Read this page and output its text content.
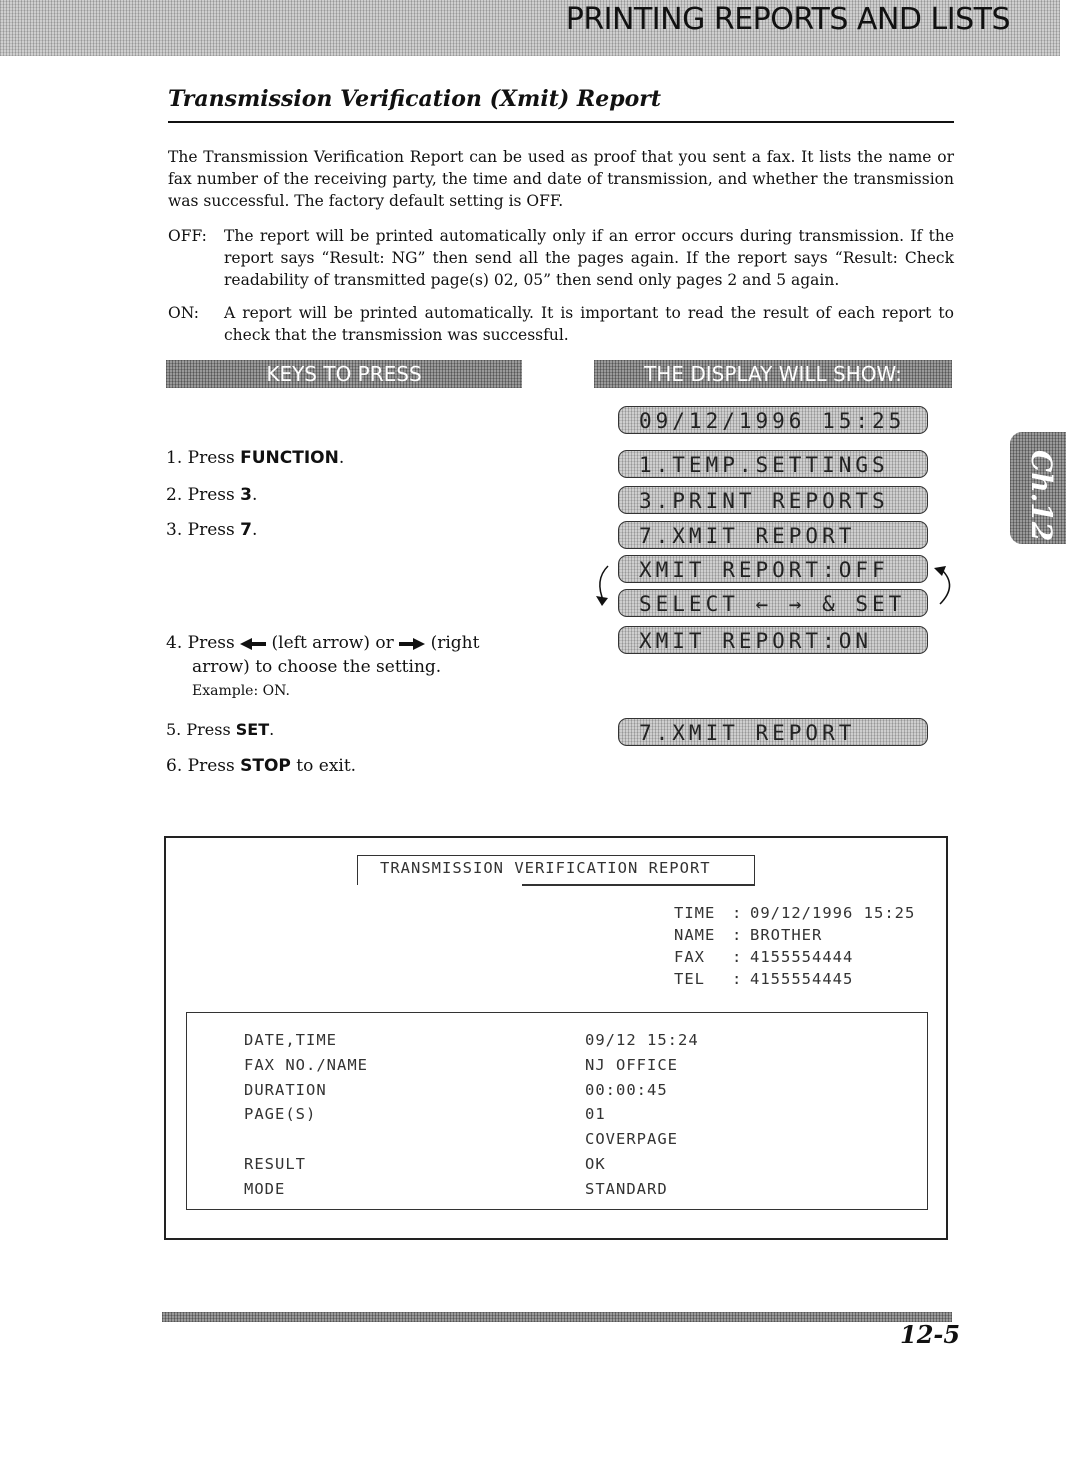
PRINTING REPORTS AND LISTS
Transmission Verification (Xmit) Report
The Transmission Verification Report can be used as proof that you sent a fax. It lists the name or fax number of the receiving party, the time and date of transmission, and whether the transmission was successful. The factory default setting is OFF.
OFF: The report will be printed automatically only if an error occurs during transmission. If the report says “Result: NG” then send all the pages again. If the report says “Result: Check readability of transmitted page(s) 02, 05” then send only pages 2 and 5 again.
ON: A report will be printed automatically. It is important to read the result of each report to check that the transmission was successful.
KEYS TO PRESS	THE DISPLAY WILL SHOW:
1. Press FUNCTION.
2. Press 3.
3. Press 7.
4. Press  (left arrow) or  (right
arrow) to choose the setting.
Example: ON.
5. Press SET.
6. Press STOP to exit.
09/12/1996 15:25
1.TEMP.SETTINGS
3.PRINT REPORTS
7.XMIT REPORT
XMIT REPORT:OFF
SELECT ← → & SET
XMIT REPORT:ON
7.XMIT REPORT
Ch.12
TRANSMISSION VERIFICATION REPORT
TIME : 09/12/1996 15:25
NAME : BROTHER
FAX : 4155554444
TEL : 4155554445
DATE,TIME
FAX NO./NAME
DURATION
PAGE(S)
RESULT
MODE
09/12 15:24
NJ OFFICE
00:00:45
01
COVERPAGE
OK
STANDARD
12-5
